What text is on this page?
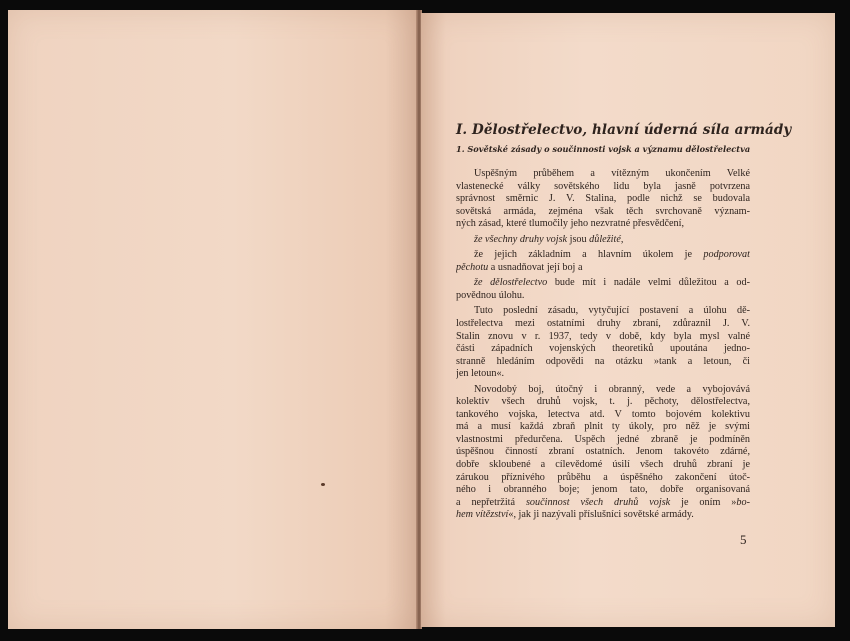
I. Dělostřelectvo, hlavní úderná síla armády
1. Sovětské zásady o součinnosti vojsk a významu dělostřelectva
Úspěšným průběhem a vítězným ukončením Velké
vlastenecké války sovětského lidu byla jasně potvrzena
správnost směrnic J. V. Stalina, podle nichž se budovala
sovětská armáda, zejména však těch svrchovaně význam-
ných zásad, které tlumočily jeho nezvratné přesvědčení,
že všechny druhy vojsk jsou důležité,
že jejich základním a hlavním úkolem je podporovat
pěchotu a usnadňovat její boj a
že dělostřelectvo bude mít i nadále velmi důležitou a od-
povědnou úlohu.
Tuto poslední zásadu, vytyčující postavení a úlohu dě-
lostřelectva mezi ostatními druhy zbraní, zdůraznil J. V.
Stalin znovu v r. 1937, tedy v době, kdy byla mysl valné
části západních vojenských theoretiků upoutána jedno-
stranně hledáním odpovědi na otázku »tank a letoun, či
jen letoun«.
Novodobý boj, útočný i obranný, vede a vybojovává
kolektiv všech druhů vojsk, t. j. pěchoty, dělostřelectva,
tankového vojska, letectva atd. V tomto bojovém kolektivu
má a musí každá zbraň plnit ty úkoly, pro něž je svými
vlastnostmi předurčena. Úspěch jedné zbraně je podmíněn
úspěšnou činností zbraní ostatních. Jenom takovéto zdárné,
dobře skloubené a cílevědomé úsilí všech druhů zbraní je
zárukou příznivého průběhu a úspěšného zakončení útoč-
ného i obranného boje; jenom tato, dobře organisovaná
a nepřetržitá součinnost všech druhů vojsk je oním »bo-
hem vítězství«, jak ji nazývali příslušníci sovětské armády.
5
